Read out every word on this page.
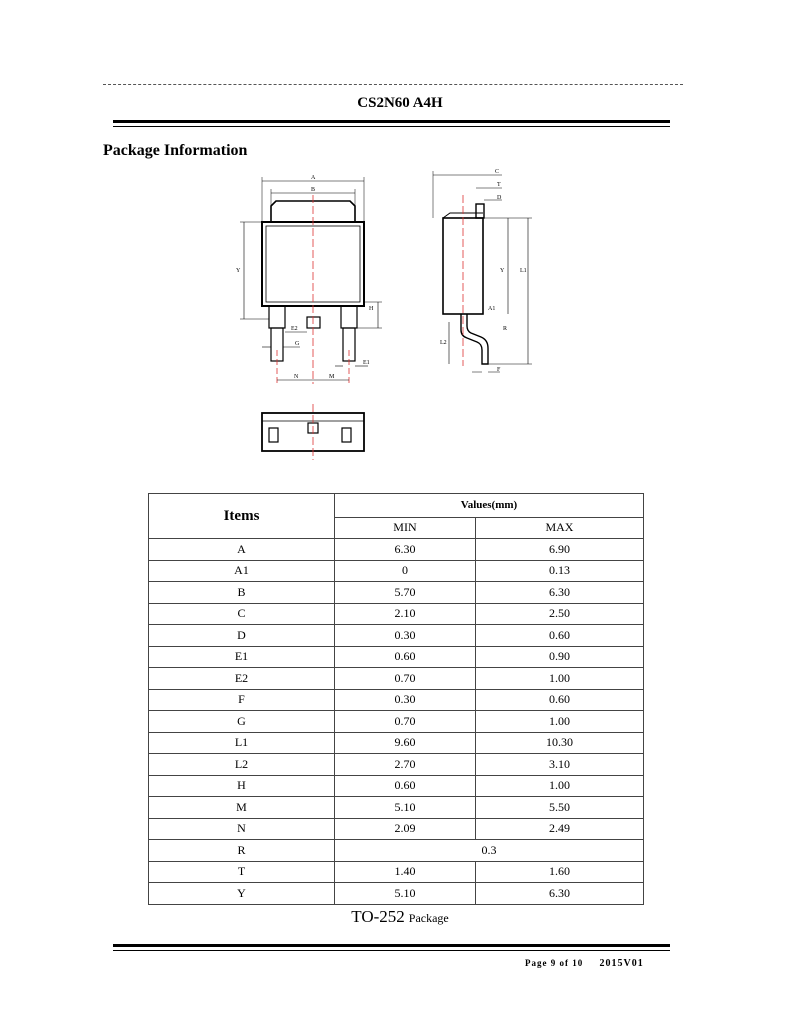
CS2N60 A4H
Package Information
A
B
Y
H
E2
G
E1
N	M
C
T
D
Y	L1
A1
R
L2
F
Items	Values(mm)	
	MIN	MAX
A	6.30	6.90
A1	0	0.13
B	5.70	6.30
C	2.10	2.50
D	0.30	0.60
E1	0.60	0.90
E2	0.70	1.00
F	0.30	0.60
G	0.70	1.00
L1	9.60	10.30
L2	2.70	3.10
H	0.60	1.00
M	5.10	5.50
N	2.09	2.49
R	0.3	
T	1.40	1.60
Y	5.10	6.30
TO-252 Package
Page 9 of 10 2015V01
